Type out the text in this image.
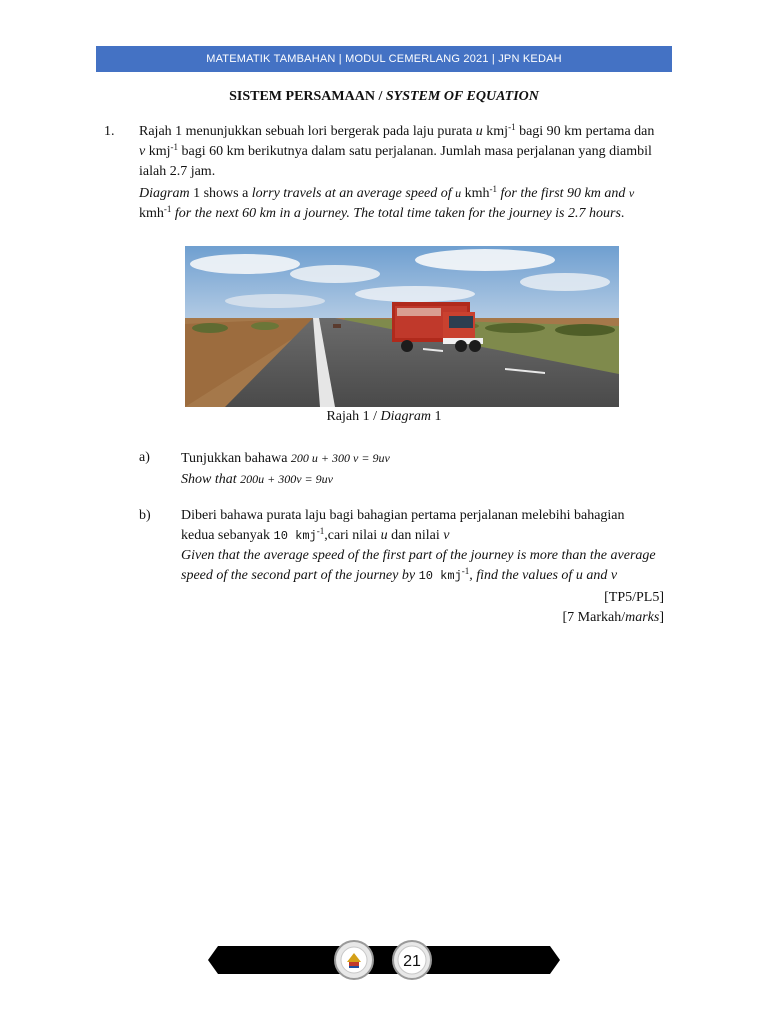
MATEMATIK TAMBAHAN | MODUL CEMERLANG 2021 | JPN KEDAH
SISTEM PERSAMAAN / SYSTEM OF EQUATION
1. Rajah 1 menunjukkan sebuah lori bergerak pada laju purata u kmj$^{-1}$ bagi 90 km pertama dan
v kmj$^{-1}$ bagi 60 km berikutnya dalam satu perjalanan. Jumlah masa perjalanan yang diambil
ialah 2.7 jam.
Diagram 1 shows a lorry travels at an average speed of u kmh$^{-1}$ for the first 90 km and v
kmh$^{-1}$ for the next 60 km in a journey. The total time taken for the journey is 2.7 hours.
Rajah 1 / Diagram 1
a) Tunjukkan bahawa 200 u + 300 v = 9uv
Show that 200u + 300v = 9uv
b) Diberi bahawa purata laju bagi bahagian pertama perjalanan melebihi bahagian
kedua sebanyak 10 kmj$^{-1}$,cari nilai u dan nilai v
Given that the average speed of the first part of the journey is more than the average
speed of the second part of the journey by 10 kmj$^{-1}$, find the values of u and v
[TP5/PL5]
[7 Markah/marks]
21
